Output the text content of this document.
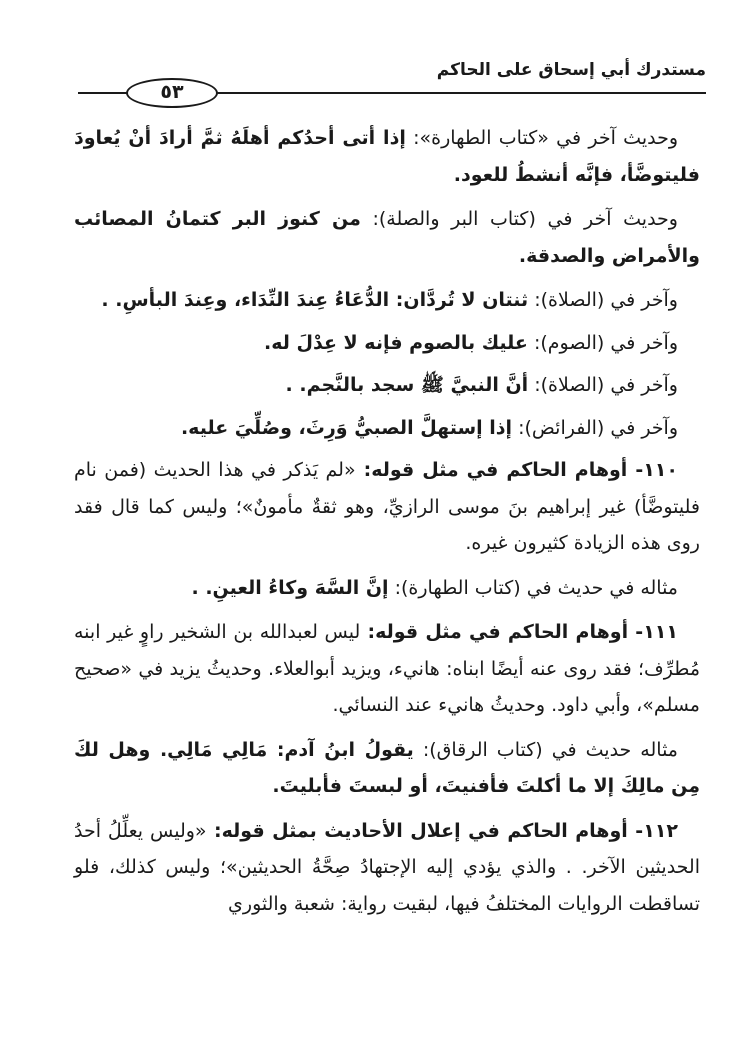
مستدرك أبي إسحاق على الحاكم
٥٣

وحديث آخر في «كتاب الطهارة»: إذا أتى أحدُكم أهلَهُ ثمَّ أرادَ أنْ يُعاودَ فليتوضَّأ، فإنَّه أنشطُ للعود.

وحديث آخر في (كتاب البر والصلة): من كنوز البر كتمانُ المصائب والأمراض والصدقة.

وآخر في (الصلاة): ثنتان لا تُردَّان: الدُّعَاءُ عِندَ النِّدَاء، وعِندَ البأسِ. .

وآخر في (الصوم): عليك بالصوم فإنه لا عِدْلَ له.

وآخر في (الصلاة): أنَّ النبيَّ ﷺ سجد بالنَّجم. .

وآخر في (الفرائض): إذا إستهلَّ الصبيُّ وَرِثَ، وصُلِّيَ عليه.

١١٠- أوهام الحاكم في مثل قوله: «لم يَذكر في هذا الحديث (فمن نام فليتوضَّأ) غير إبراهيم بنَ موسى الرازيِّ، وهو ثقةٌ مأمونٌ»؛ وليس كما قال فقد روى هذه الزيادة كثيرون غيره.

مثاله في حديث في (كتاب الطهارة): إنَّ السَّهَ وكاءُ العينِ. .

١١١- أوهام الحاكم في مثل قوله: ليس لعبدالله بن الشخير راوٍ غير ابنه مُطرِّف؛ فقد روى عنه أيضًا ابناه: هانيء، ويزيد أبوالعلاء. وحديثُ يزيد في «صحيح مسلم»، وأبي داود. وحديثُ هانيء عند النسائي.

مثاله حديث في (كتاب الرقاق): يقولُ ابنُ آدم: مَالِي مَالِي. وهل لكَ مِن مالِكَ إلا ما أكلتَ فأفنيتَ، أو لبستَ فأبليتَ.

١١٢- أوهام الحاكم في إعلال الأحاديث بمثل قوله: «وليس يعلِّلُ أحدُ الحديثين الآخر. . والذي يؤدي إليه الإجتهادُ صِحَّةُ الحديثين»؛ وليس كذلك، فلو تساقطت الروايات المختلفُ فيها، لبقيت رواية: شعبة والثوري
